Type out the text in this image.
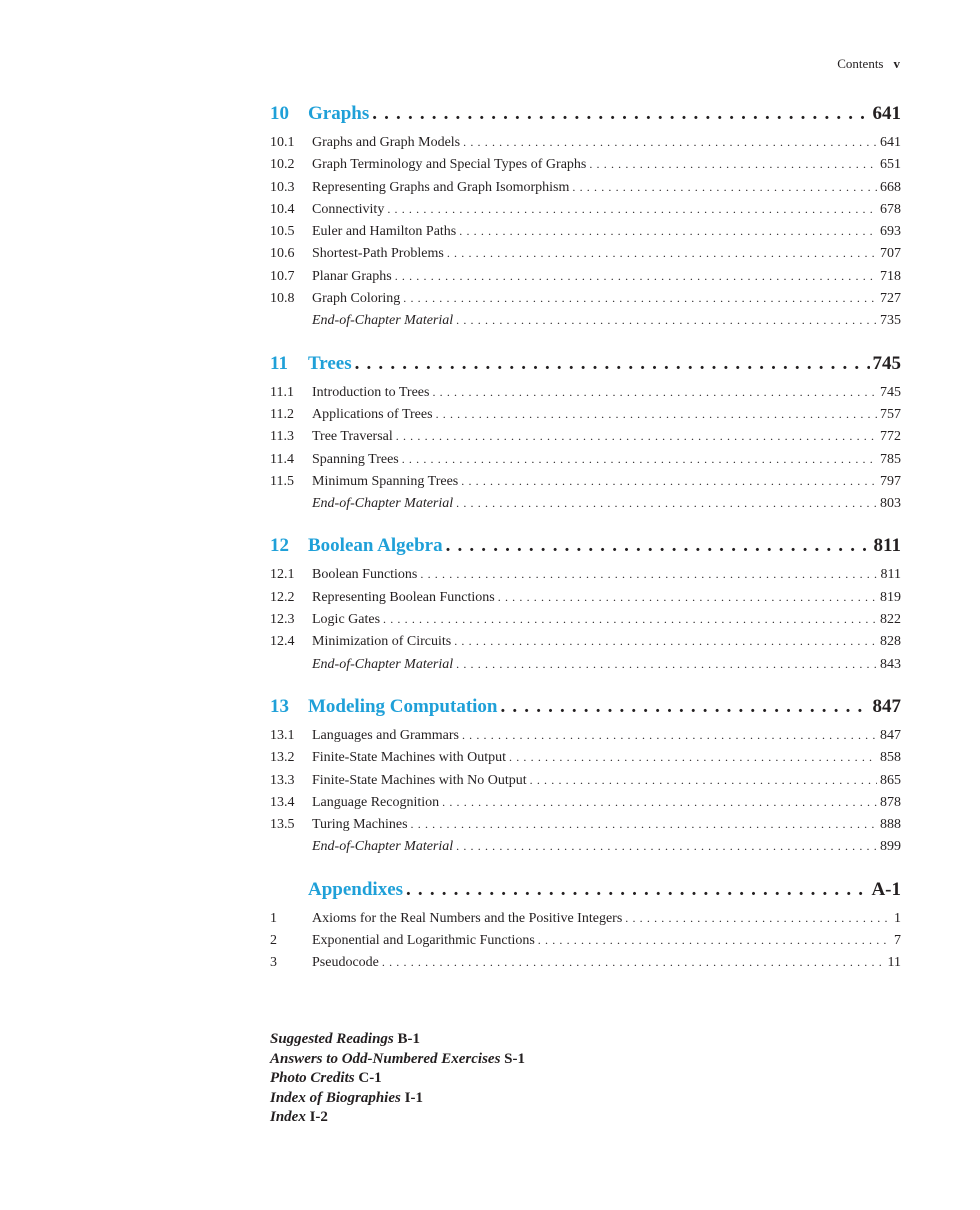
Contents v
10	Graphs . . .	641
10.1	Graphs and Graph Models . . .	641
10.2	Graph Terminology and Special Types of Graphs . . .	651
10.3	Representing Graphs and Graph Isomorphism . . .	668
10.4	Connectivity . . .	678
10.5	Euler and Hamilton Paths . . .	693
10.6	Shortest-Path Problems . . .	707
10.7	Planar Graphs . . .	718
10.8	Graph Coloring . . .	727
End-of-Chapter Material . . .	735
11	Trees . . .	745
11.1	Introduction to Trees . . .	745
11.2	Applications of Trees . . .	757
11.3	Tree Traversal . . .	772
11.4	Spanning Trees . . .	785
11.5	Minimum Spanning Trees . . .	797
End-of-Chapter Material . . .	803
12	Boolean Algebra . . .	811
12.1	Boolean Functions . . .	811
12.2	Representing Boolean Functions . . .	819
12.3	Logic Gates . . .	822
12.4	Minimization of Circuits . . .	828
End-of-Chapter Material . . .	843
13	Modeling Computation . . .	847
13.1	Languages and Grammars . . .	847
13.2	Finite-State Machines with Output . . .	858
13.3	Finite-State Machines with No Output . . .	865
13.4	Language Recognition . . .	878
13.5	Turing Machines . . .	888
End-of-Chapter Material . . .	899
Appendixes . . .	A-1
1	Axioms for the Real Numbers and the Positive Integers . . .	1
2	Exponential and Logarithmic Functions . . .	7
3	Pseudocode . . .	11
Suggested Readings B-1
Answers to Odd-Numbered Exercises S-1
Photo Credits C-1
Index of Biographies I-1
Index I-2
